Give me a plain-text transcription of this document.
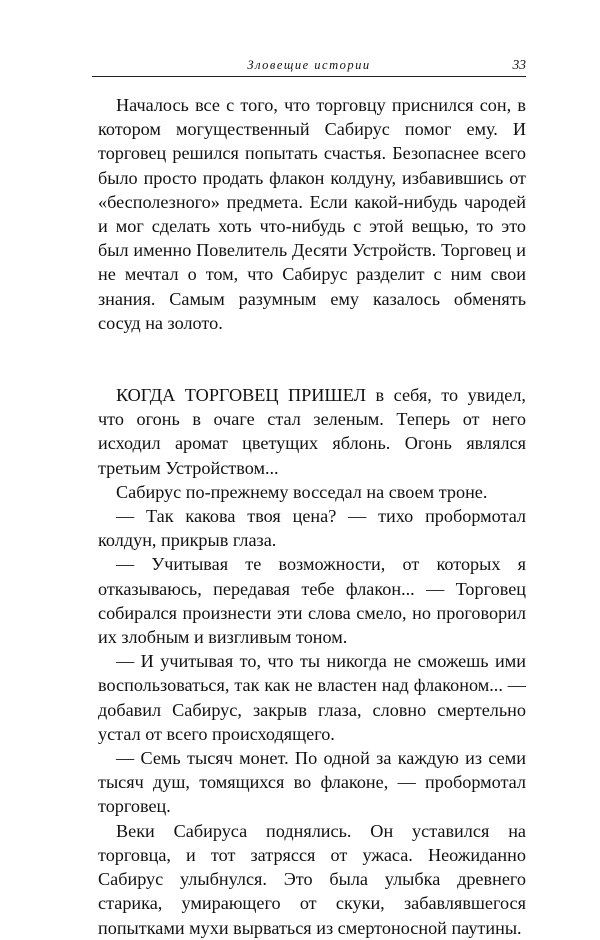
Зловещие истории	33

Началось все с того, что торговцу приснился сон, в котором могущественный Сабирус помог ему. И торговец решился попытать счастья. Безопаснее всего было просто продать флакон колдуну, избавившись от «бесполезного» предмета. Если какой-нибудь чародей и мог сделать хоть что-нибудь с этой вещью, то это был именно Повелитель Десяти Устройств. Торговец и не мечтал о том, что Сабирус разделит с ним свои знания. Самым разумным ему казалось обменять сосуд на золото.

КОГДА ТОРГОВЕЦ ПРИШЕЛ в себя, то увидел, что огонь в очаге стал зеленым. Теперь от него исходил аромат цветущих яблонь. Огонь являлся третьим Устройством...

Сабирус по-прежнему восседал на своем троне.

— Так какова твоя цена? — тихо пробормотал колдун, прикрыв глаза.

— Учитывая те возможности, от которых я отказываюсь, передавая тебе флакон... — Торговец собирался произнести эти слова смело, но проговорил их злобным и визгливым тоном.

— И учитывая то, что ты никогда не сможешь ими воспользоваться, так как не властен над флаконом... — добавил Сабирус, закрыв глаза, словно смертельно устал от всего происходящего.

— Семь тысяч монет. По одной за каждую из семи тысяч душ, томящихся во флаконе, — пробормотал торговец.

Веки Сабируса поднялись. Он уставился на торговца, и тот затрясся от ужаса. Неожиданно Сабирус улыбнулся. Это была улыбка древнего старика, умирающего от скуки, забавлявшегося попытками мухи вырваться из смертоносной паутины.
